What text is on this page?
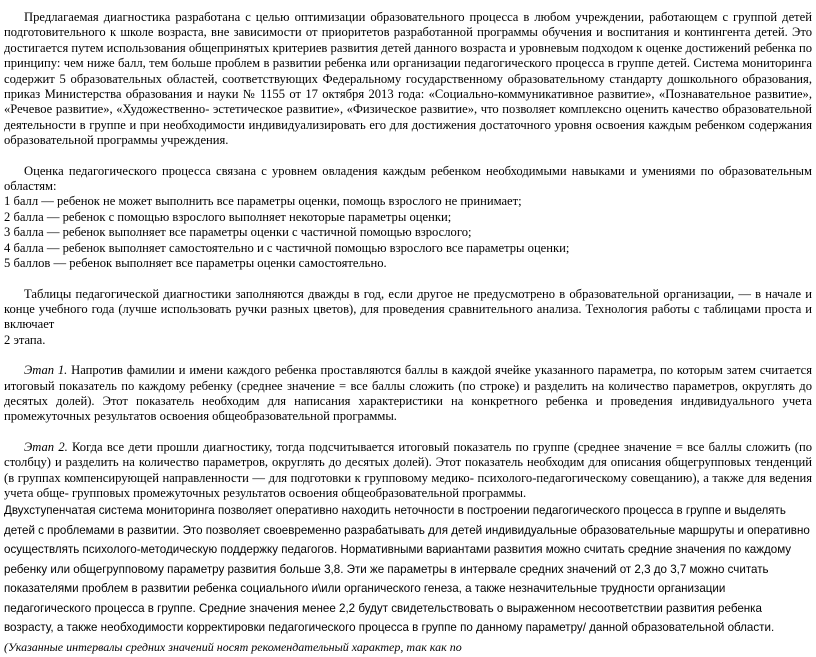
Предлагаемая диагностика разработана с целью оптимизации образовательного процесса в любом учреждении, работающем с группой детей подготовительного к школе возраста, вне зависимости от приоритетов разработанной программы обучения и воспитания и контингента детей. Это достигается путем использования общепринятых критериев развития детей данного возраста и уровневым подходом к оценке достижений ребенка по принципу: чем ниже балл, тем больше проблем в развитии ребенка или организации педагогического процесса в группе детей. Система мониторинга содержит 5 образовательных областей, соответствующих Федеральному государственному образовательному стандарту дошкольного образования, приказ Министерства образования и науки № 1155 от 17 октября 2013 года: «Социально-коммуникативное развитие», «Познавательное развитие», «Речевое развитие», «Художественно- эстетическое развитие», «Физическое развитие», что позволяет комплексно оценить качество образовательной деятельности в группе и при необходимости индивидуализировать его для достижения достаточного уровня освоения каждым ребенком содержания образовательной программы учреждения.

Оценка педагогического процесса связана с уровнем овладения каждым ребенком необходимыми навыками и умениями по образовательным областям:

1 балл — ребенок не может выполнить все параметры оценки, помощь взрослого не принимает;
2 балла — ребенок с помощью взрослого выполняет некоторые параметры оценки;
3 балла — ребенок выполняет все параметры оценки с частичной помощью взрослого;
4 балла — ребенок выполняет самостоятельно и с частичной помощью взрослого все параметры оценки;
5 баллов — ребенок выполняет все параметры оценки самостоятельно.

Таблицы педагогической диагностики заполняются дважды в год, если другое не предусмотрено в образовательной организации, — в начале и конце учебного года (лучше использовать ручки разных цветов), для проведения сравнительного анализа. Технология работы с таблицами проста и включает

2 этапа.

Этап 1. Напротив фамилии и имени каждого ребенка проставляются баллы в каждой ячейке указанного параметра, по которым затем считается итоговый показатель по каждому ребенку (среднее значение = все баллы сложить (по строке) и разделить на количество параметров, округлять до десятых долей). Этот показатель необходим для написания характеристики на конкретного ребенка и проведения индивидуального учета промежуточных результатов освоения общеобразовательной программы.

Этап 2. Когда все дети прошли диагностику, тогда подсчитывается итоговый показатель по группе (среднее значение = все баллы сложить (по столбцу) и разделить на количество параметров, округлять до десятых долей). Этот показатель необходим для описания общегрупповых тенденций (в группах компенсирующей направленности — для подготовки к групповому медико- психолого-педагогическому совещанию), а также для ведения учета обще- групповых промежуточных результатов освоения общеобразовательной программы.

Двухступенчатая система мониторинга позволяет оперативно находить неточности в построении педагогического процесса в группе и выделять детей с проблемами в развитии. Это позволяет своевременно разрабатывать для детей индивидуальные образовательные маршруты и оперативно осуществлять психолого-методическую поддержку педагогов. Нормативными вариантами развития можно считать средние значения по каждому ребенку или общегрупповому параметру развития больше 3,8. Эти же параметры в интервале средних значений от 2,3 до 3,7 можно считать показателями проблем в развитии ребенка социального и\или органического генеза, а также незначительные трудности организации педагогического процесса в группе. Средние значения менее 2,2 будут свидетельствовать о выраженном несоответствии развития ребенка возрасту, а также необходимости корректировки педагогического процесса в группе по данному параметру/ данной образовательной области. (Указанные интервалы средних значений носят рекомендательный характер, так как по
